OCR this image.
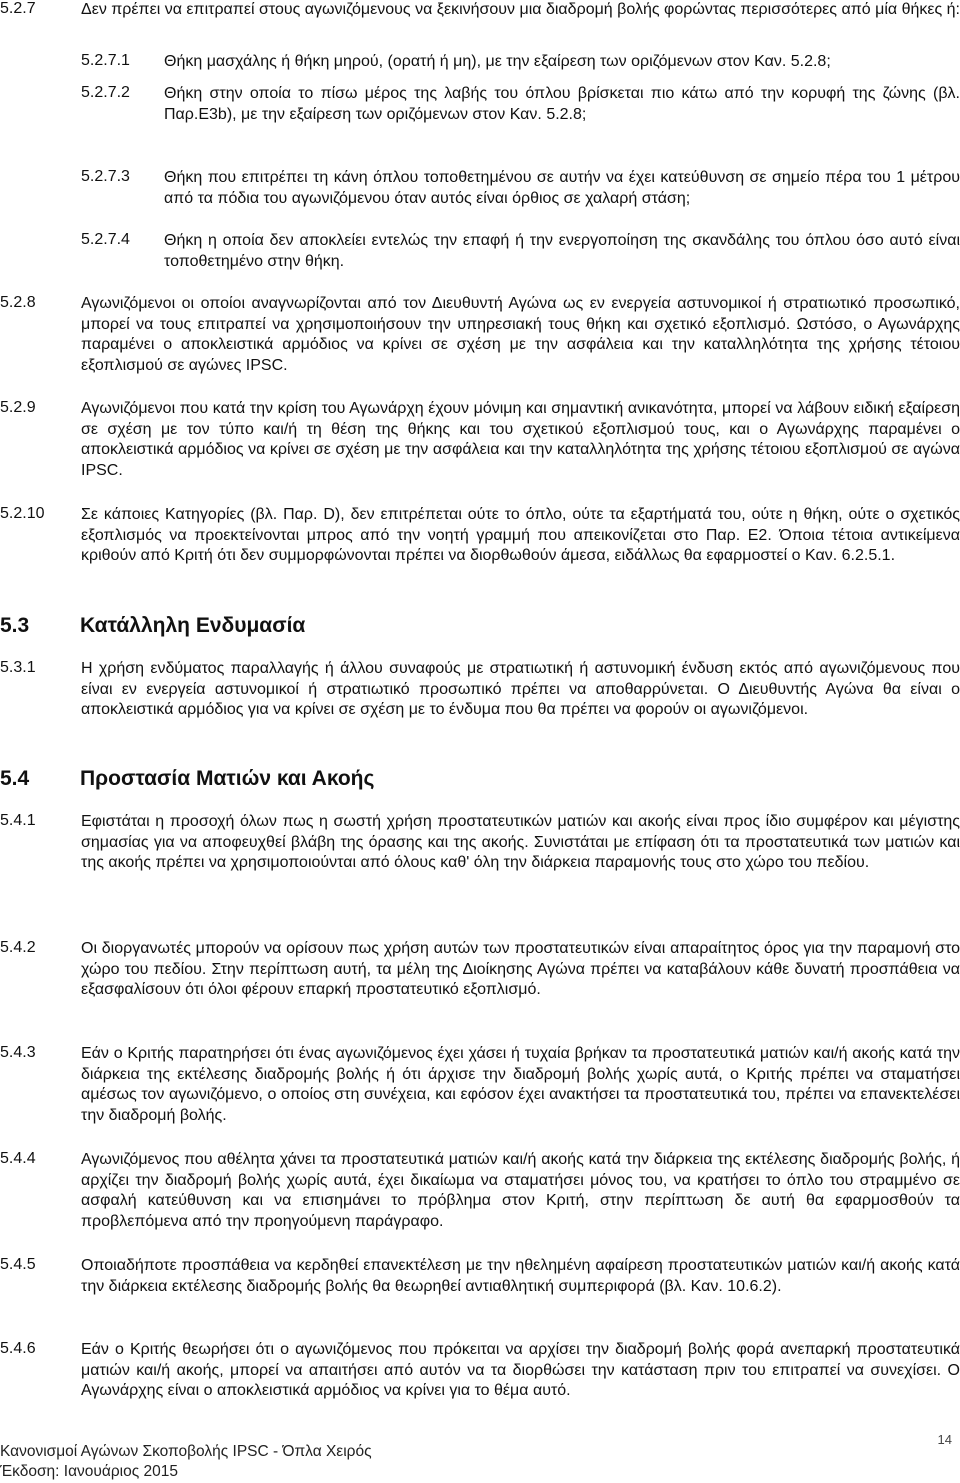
5.2.7	Δεν πρέπει να επιτραπεί στους αγωνιζόμενους να ξεκινήσουν μια διαδρομή βολής φορώντας περισσότερες από μία θήκες ή:
5.2.7.1 Θήκη μασχάλης ή θήκη μηρού, (ορατή ή μη), με την εξαίρεση των οριζόμενων στον Καν. 5.2.8;
5.2.7.2 Θήκη στην οποία το πίσω μέρος της λαβής του όπλου βρίσκεται πιο κάτω από την κορυφή της ζώνης (βλ. Παρ.Ε3b), με την εξαίρεση των οριζόμενων στον Καν. 5.2.8;
5.2.7.3 Θήκη που επιτρέπει τη κάνη όπλου τοποθετημένου σε αυτήν να έχει κατεύθυνση σε σημείο πέρα του 1 μέτρου από τα πόδια του αγωνιζόμενου όταν αυτός είναι όρθιος σε χαλαρή στάση;
5.2.7.4 Θήκη η οποία δεν αποκλείει εντελώς την επαφή ή την ενεργοποίηση της σκανδάλης του όπλου όσο αυτό είναι τοποθετημένο στην θήκη.
5.2.8	Αγωνιζόμενοι οι οποίοι αναγνωρίζονται από τον Διευθυντή Αγώνα ως εν ενεργεία αστυνομικοί ή στρατιωτικό προσωπικό, μπορεί να τους επιτραπεί να χρησιμοποιήσουν την υπηρεσιακή τους θήκη και σχετικό εξοπλισμό. Ωστόσο, ο Αγωνάρχης παραμένει ο αποκλειστικά αρμόδιος να κρίνει σε σχέση με την ασφάλεια και την καταλληλότητα της χρήσης τέτοιου εξοπλισμού σε αγώνες IPSC.
5.2.9	Αγωνιζόμενοι που κατά την κρίση του Αγωνάρχη έχουν μόνιμη και σημαντική ανικανότητα, μπορεί να λάβουν ειδική εξαίρεση σε σχέση με τον τύπο και/ή τη θέση της θήκης και του σχετικού εξοπλισμού τους, και ο Αγωνάρχης παραμένει ο αποκλειστικά αρμόδιος να κρίνει σε σχέση με την ασφάλεια και την καταλληλότητα της χρήσης τέτοιου εξοπλισμού σε αγώνα IPSC.
5.2.10 Σε κάποιες Κατηγορίες (βλ. Παρ. D), δεν επιτρέπεται ούτε το όπλο, ούτε τα εξαρτήματά του, ούτε η θήκη, ούτε ο σχετικός εξοπλισμός να προεκτείνονται μπρος από την νοητή γραμμή που απεικονίζεται στο Παρ. Ε2. Όποια τέτοια αντικείμενα κριθούν από Κριτή ότι δεν συμμορφώνονται πρέπει να διορθωθούν άμεσα, ειδάλλως θα εφαρμοστεί ο Καν. 6.2.5.1.
5.3 Κατάλληλη Ενδυμασία
5.3.1	Η χρήση ενδύματος παραλλαγής ή άλλου συναφούς με στρατιωτική ή αστυνομική ένδυση εκτός από αγωνιζόμενους που είναι εν ενεργεία αστυνομικοί ή στρατιωτικό προσωπικό πρέπει να αποθαρρύνεται. Ο Διευθυντής Αγώνα θα είναι ο αποκλειστικά αρμόδιος για να κρίνει σε σχέση με το ένδυμα που θα πρέπει να φορούν οι αγωνιζόμενοι.
5.4 Προστασία Ματιών και Ακοής
5.4.1	Εφιστάται η προσοχή όλων πως η σωστή χρήση προστατευτικών ματιών και ακοής είναι προς ίδιο συμφέρον και μέγιστης σημασίας για να αποφευχθεί βλάβη της όρασης και της ακοής. Συνιστάται με επίφαση ότι τα προστατευτικά των ματιών και της ακοής πρέπει να χρησιμοποιούνται από όλους καθ' όλη την διάρκεια παραμονής τους στο χώρο του πεδίου.
5.4.2	Οι διοργανωτές μπορούν να ορίσουν πως χρήση αυτών των προστατευτικών είναι απαραίτητος όρος για την παραμονή στο χώρο του πεδίου. Στην περίπτωση αυτή, τα μέλη της Διοίκησης Αγώνα πρέπει να καταβάλουν κάθε δυνατή προσπάθεια να εξασφαλίσουν ότι όλοι φέρουν επαρκή προστατευτικό εξοπλισμό.
5.4.3	Εάν ο Κριτής παρατηρήσει ότι ένας αγωνιζόμενος έχει χάσει ή τυχαία βρήκαν τα προστατευτικά ματιών και/ή ακοής κατά την διάρκεια της εκτέλεσης διαδρομής βολής ή ότι άρχισε την διαδρομή βολής χωρίς αυτά, ο Κριτής πρέπει να σταματήσει αμέσως τον αγωνιζόμενο, ο οποίος στη συνέχεια, και εφόσον έχει ανακτήσει τα προστατευτικά του, πρέπει να επανεκτελέσει την διαδρομή βολής.
5.4.4	Αγωνιζόμενος που αθέλητα χάνει τα προστατευτικά ματιών και/ή ακοής κατά την διάρκεια της εκτέλεσης διαδρομής βολής, ή αρχίζει την διαδρομή βολής χωρίς αυτά, έχει δικαίωμα να σταματήσει μόνος του, να κρατήσει το όπλο του στραμμένο σε ασφαλή κατεύθυνση και να επισημάνει το πρόβλημα στον Κριτή, στην περίπτωση δε αυτή θα εφαρμοσθούν τα προβλεπόμενα από την προηγούμενη παράγραφο.
5.4.5	Οποιαδήποτε προσπάθεια να κερδηθεί επανεκτέλεση με την ηθελημένη αφαίρεση προστατευτικών ματιών και/ή ακοής κατά την διάρκεια εκτέλεσης διαδρομής βολής θα θεωρηθεί αντιαθλητική συμπεριφορά (βλ. Καν. 10.6.2).
5.4.6	Εάν ο Κριτής θεωρήσει ότι ο αγωνιζόμενος που πρόκειται να αρχίσει την διαδρομή βολής φορά ανεπαρκή προστατευτικά ματιών και/ή ακοής, μπορεί να απαιτήσει από αυτόν να τα διορθώσει την κατάσταση πριν του επιτραπεί να συνεχίσει. Ο Αγωνάρχης είναι ο αποκλειστικά αρμόδιος να κρίνει για το θέμα αυτό.
Κανονισμοί Αγώνων Σκοποβολής IPSC - Όπλα Χειρός
Έκδοση: Ιανουάριος 2015
14
